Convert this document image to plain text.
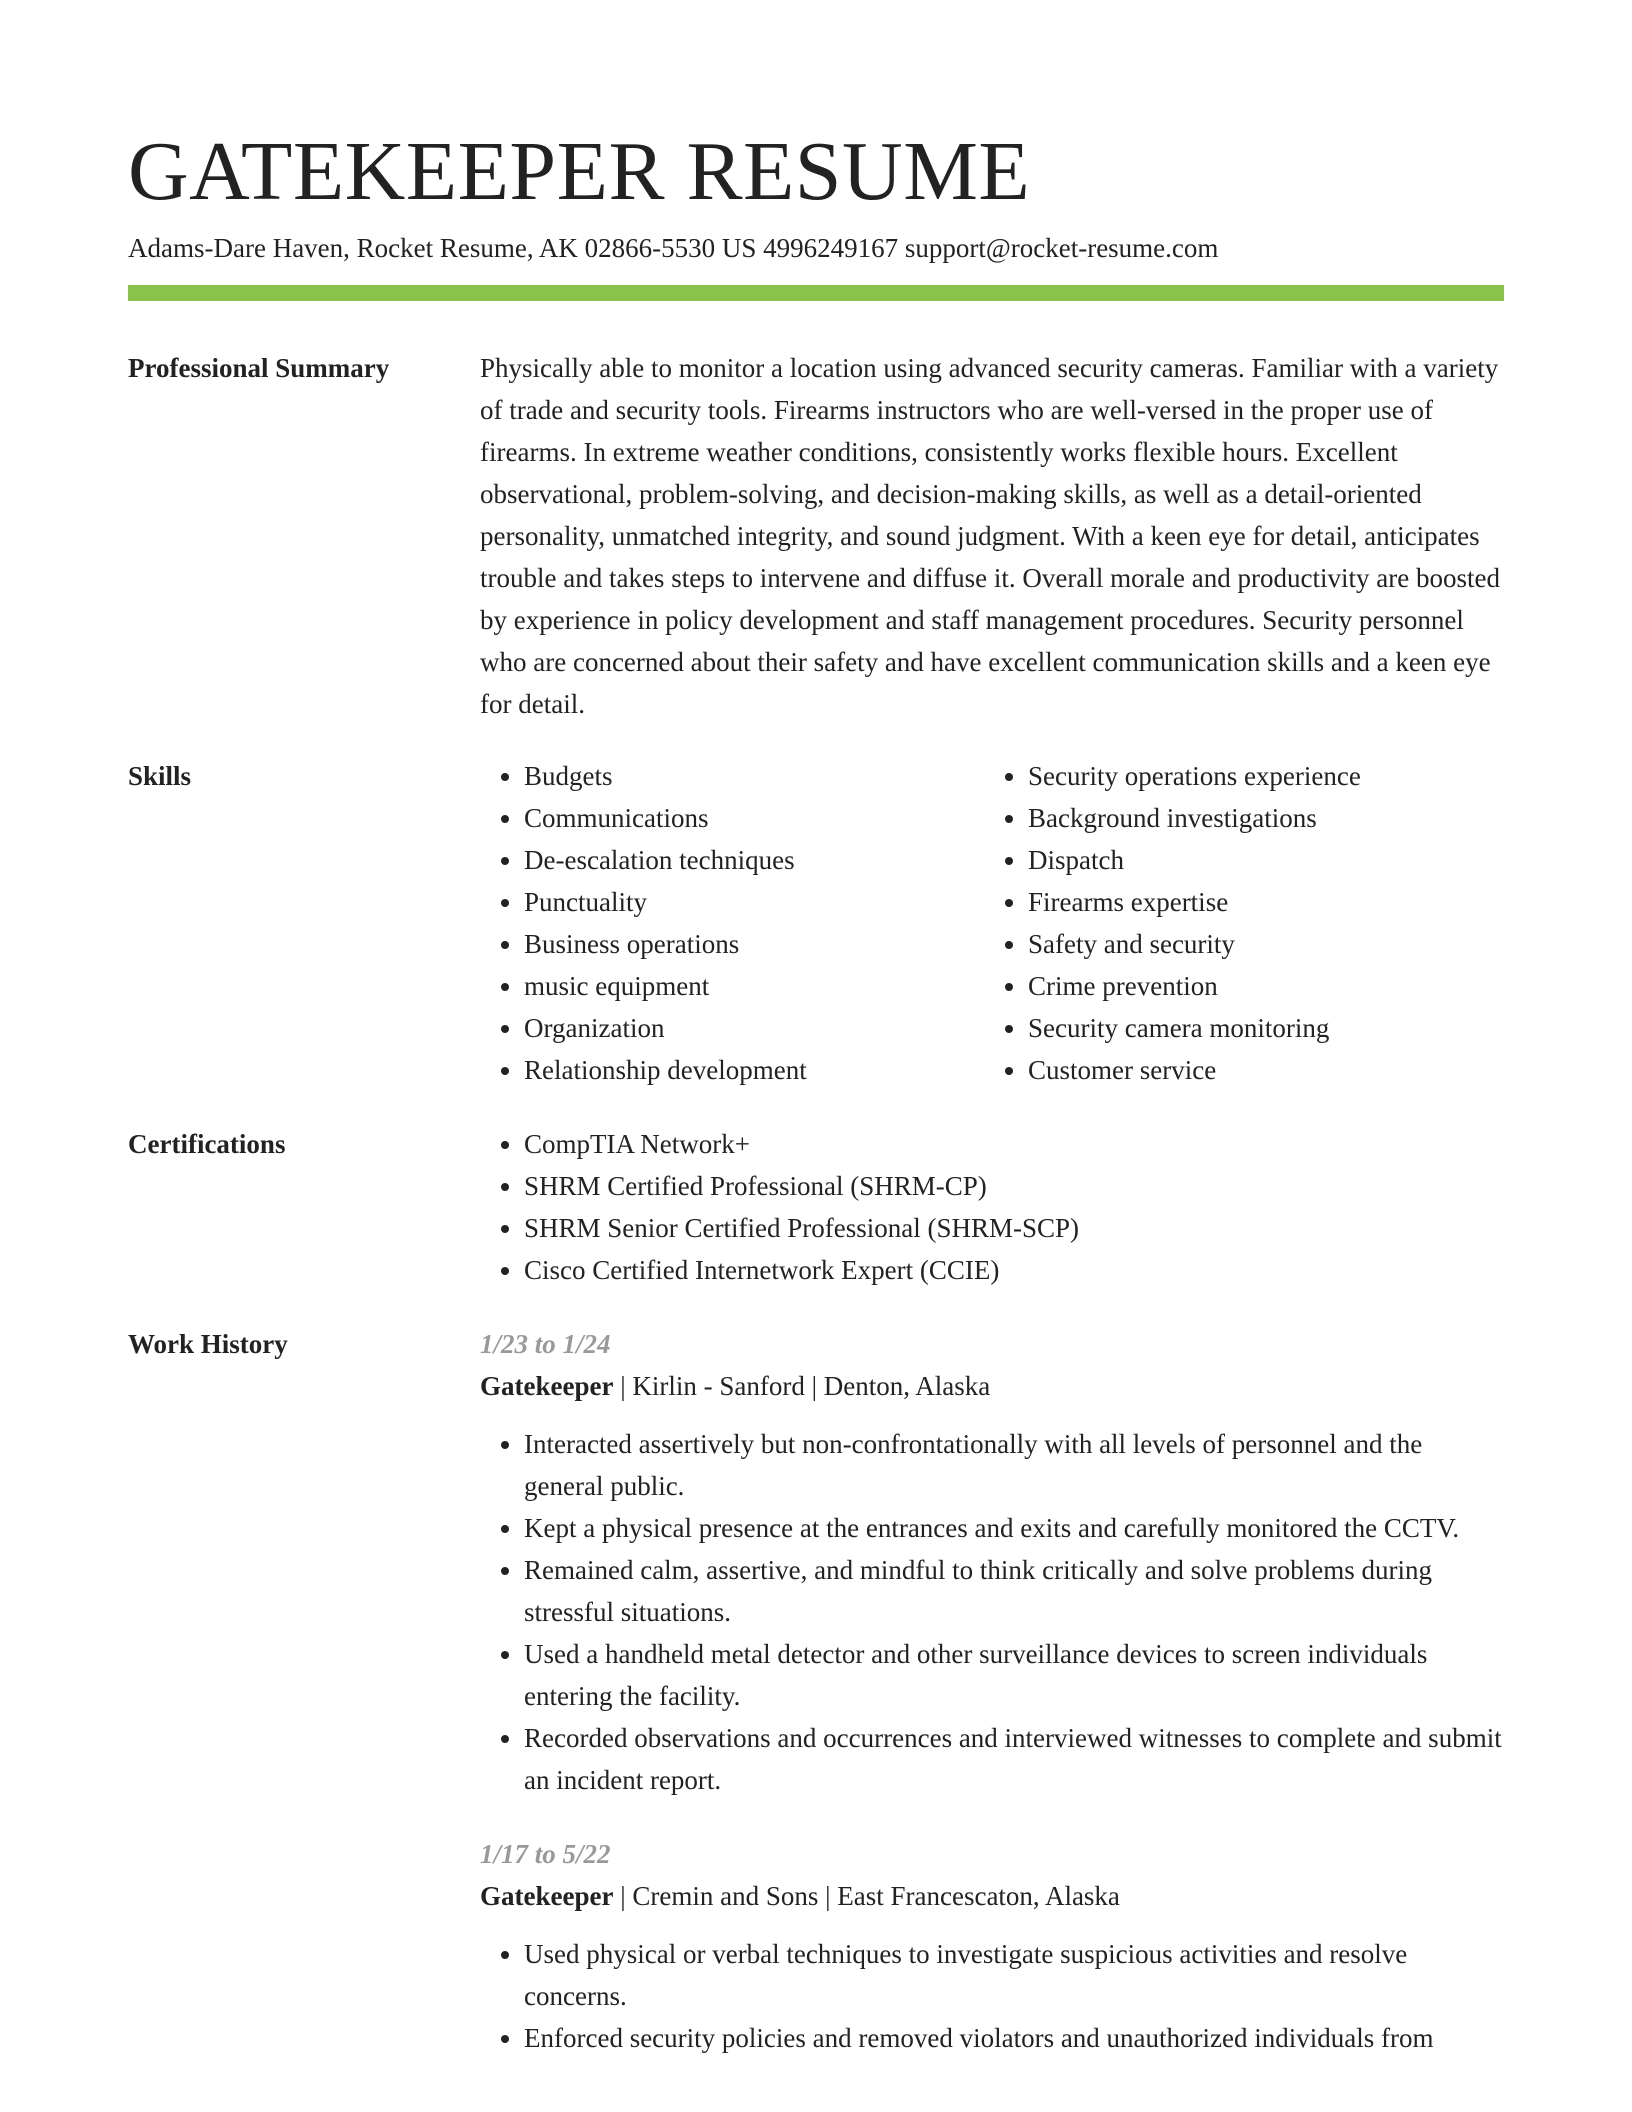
GATEKEEPER RESUME
Adams-Dare Haven, Rocket Resume, AK 02866-5530 US 4996249167 support@rocket-resume.com
Professional Summary	Physically able to monitor a location using advanced security cameras. Familiar with a variety of trade and security tools. Firearms instructors who are well-versed in the proper use of firearms. In extreme weather conditions, consistently works flexible hours. Excellent observational, problem-solving, and decision-making skills, as well as a detail-oriented personality, unmatched integrity, and sound judgment. With a keen eye for detail, anticipates trouble and takes steps to intervene and diffuse it. Overall morale and productivity are boosted by experience in policy development and staff management procedures. Security personnel who are concerned about their safety and have excellent communication skills and a keen eye for detail.

Skills	• Budgets
• Communications
• De-escalation techniques
• Punctuality
• Business operations
• music equipment
• Organization
• Relationship development
• Security operations experience
• Background investigations
• Dispatch
• Firearms expertise
• Safety and security
• Crime prevention
• Security camera monitoring
• Customer service
Certifications	• CompTIA Network+
• SHRM Certified Professional (SHRM-CP)
• SHRM Senior Certified Professional (SHRM-SCP)
• Cisco Certified Internetwork Expert (CCIE)
Work History	1/23 to 1/24
Gatekeeper | Kirlin - Sanford | Denton, Alaska
• Interacted assertively but non-confrontationally with all levels of personnel and the general public.
• Kept a physical presence at the entrances and exits and carefully monitored the CCTV.
• Remained calm, assertive, and mindful to think critically and solve problems during stressful situations.
• Used a handheld metal detector and other surveillance devices to screen individuals entering the facility.
• Recorded observations and occurrences and interviewed witnesses to complete and submit an incident report.
1/17 to 5/22
Gatekeeper | Cremin and Sons | East Francescaton, Alaska
• Used physical or verbal techniques to investigate suspicious activities and resolve concerns.
• Enforced security policies and removed violators and unauthorized individuals from
